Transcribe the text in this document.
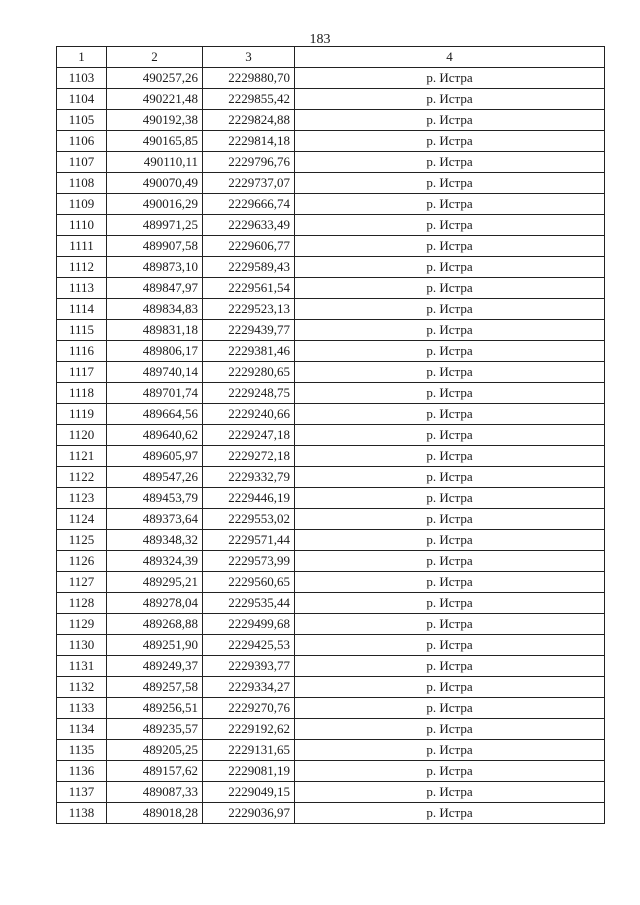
183
1	2	3	4
1103	490257,26	2229880,70	р. Истра
1104	490221,48	2229855,42	р. Истра
1105	490192,38	2229824,88	р. Истра
1106	490165,85	2229814,18	р. Истра
1107	490110,11	2229796,76	р. Истра
1108	490070,49	2229737,07	р. Истра
1109	490016,29	2229666,74	р. Истра
1110	489971,25	2229633,49	р. Истра
1111	489907,58	2229606,77	р. Истра
1112	489873,10	2229589,43	р. Истра
1113	489847,97	2229561,54	р. Истра
1114	489834,83	2229523,13	р. Истра
1115	489831,18	2229439,77	р. Истра
1116	489806,17	2229381,46	р. Истра
1117	489740,14	2229280,65	р. Истра
1118	489701,74	2229248,75	р. Истра
1119	489664,56	2229240,66	р. Истра
1120	489640,62	2229247,18	р. Истра
1121	489605,97	2229272,18	р. Истра
1122	489547,26	2229332,79	р. Истра
1123	489453,79	2229446,19	р. Истра
1124	489373,64	2229553,02	р. Истра
1125	489348,32	2229571,44	р. Истра
1126	489324,39	2229573,99	р. Истра
1127	489295,21	2229560,65	р. Истра
1128	489278,04	2229535,44	р. Истра
1129	489268,88	2229499,68	р. Истра
1130	489251,90	2229425,53	р. Истра
1131	489249,37	2229393,77	р. Истра
1132	489257,58	2229334,27	р. Истра
1133	489256,51	2229270,76	р. Истра
1134	489235,57	2229192,62	р. Истра
1135	489205,25	2229131,65	р. Истра
1136	489157,62	2229081,19	р. Истра
1137	489087,33	2229049,15	р. Истра
1138	489018,28	2229036,97	р. Истра
